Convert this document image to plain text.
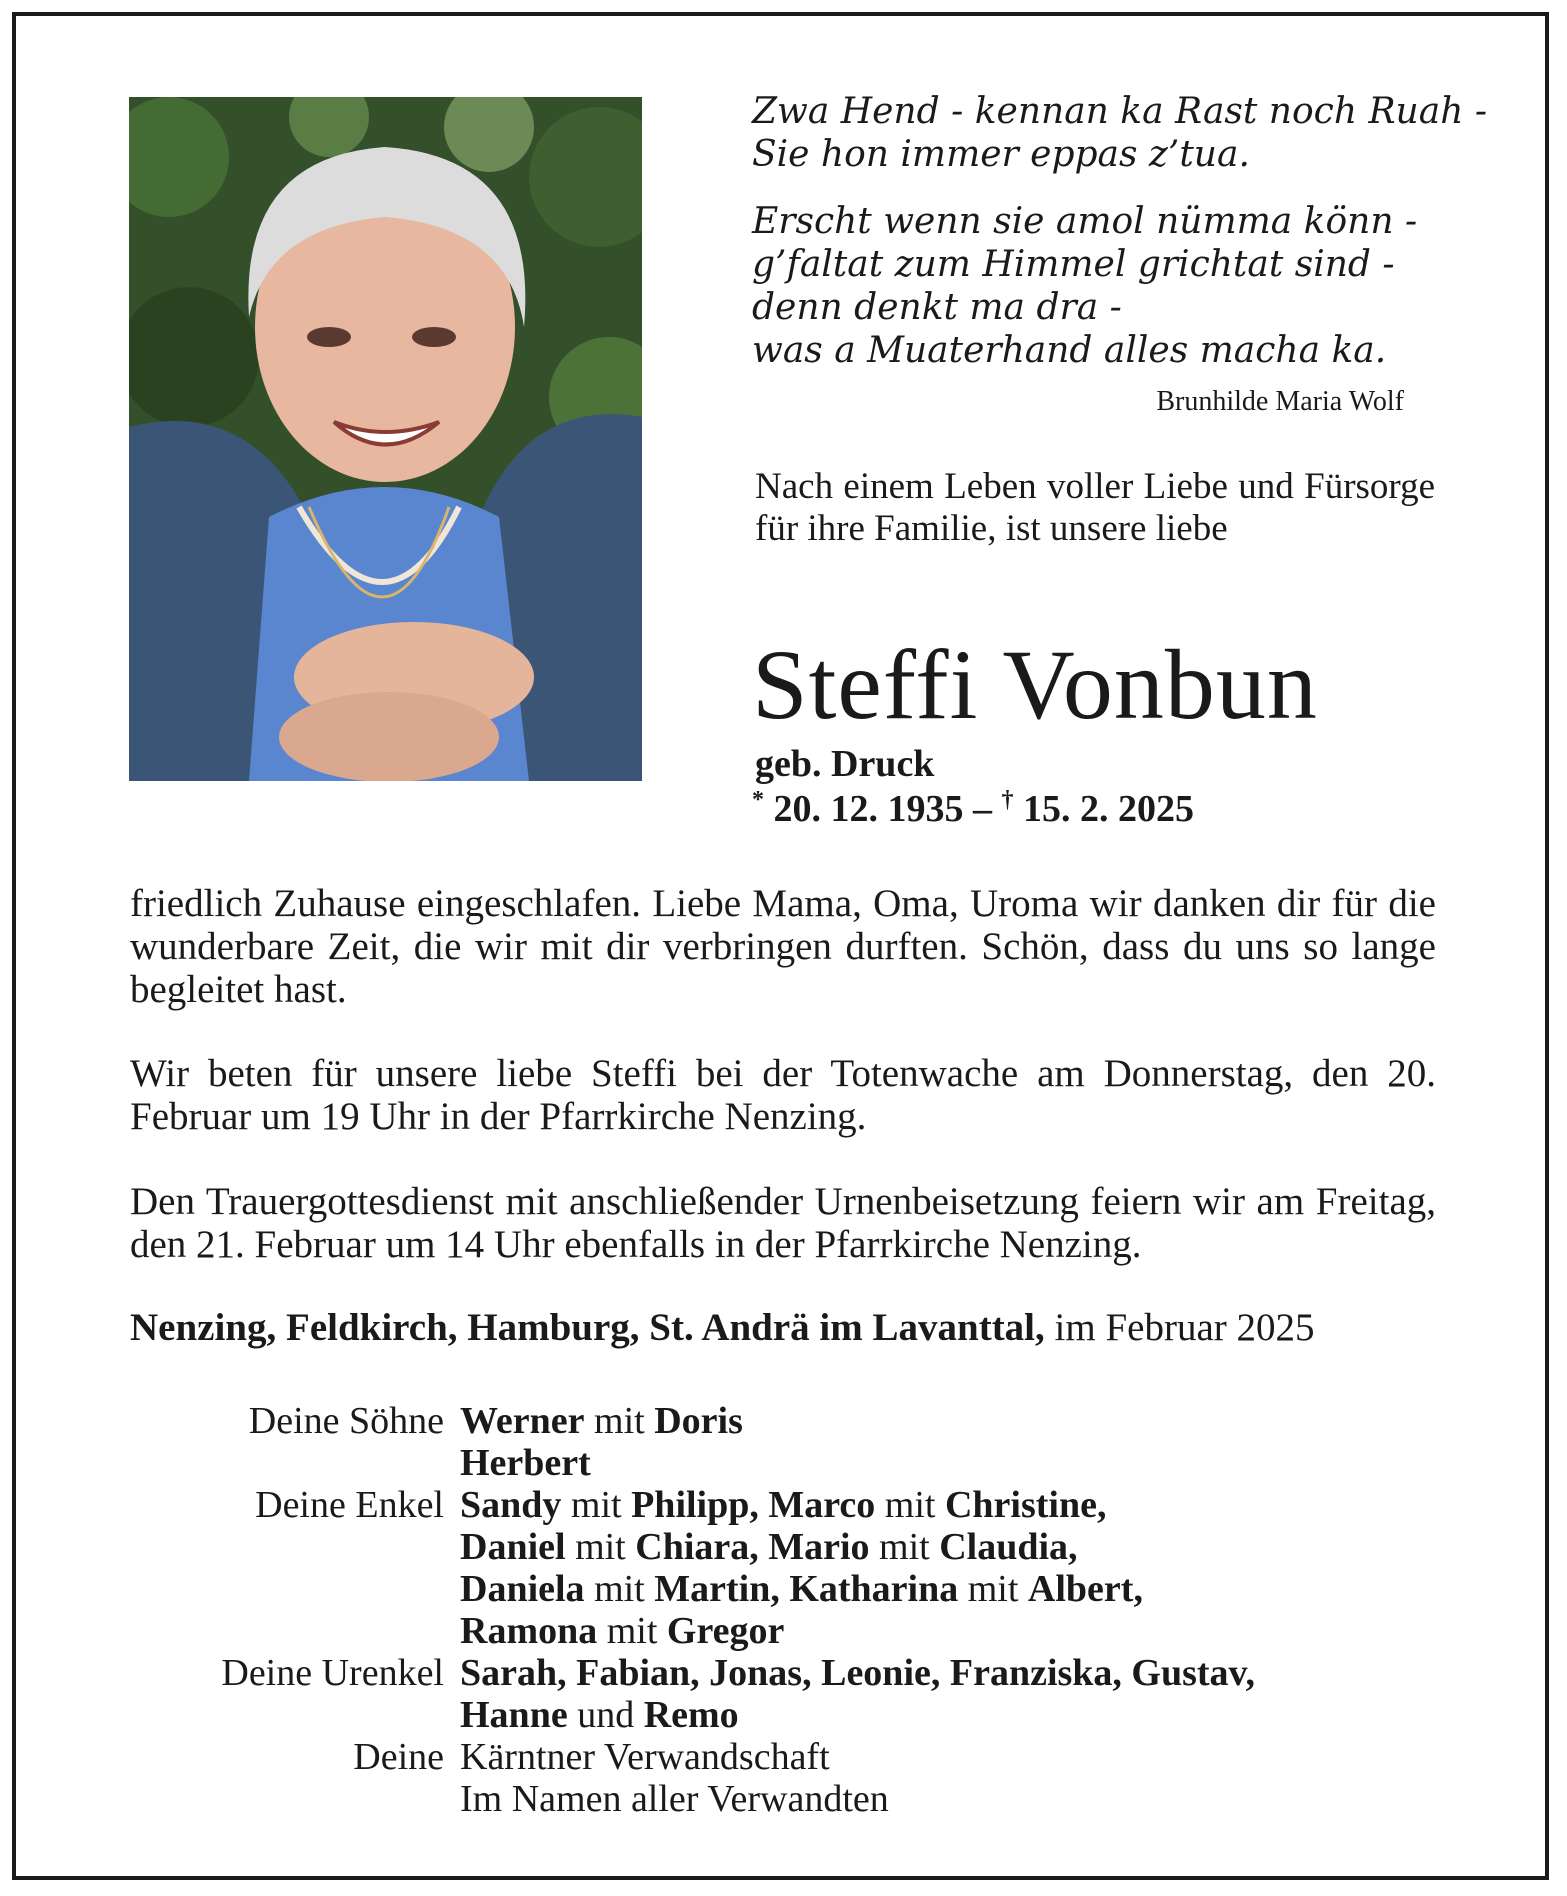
Zwa Hend - kennan ka Rast noch Ruah -
Sie hon immer eppas z’tua.
Erscht wenn sie amol nümma könn -
g’faltat zum Himmel grichtat sind -
denn denkt ma dra -
was a Muaterhand alles macha ka.
Brunhilde Maria Wolf
Nach einem Leben voller Liebe und Fürsorge für ihre Familie, ist unsere liebe
Steffi Vonbun
geb. Druck
* 20. 12. 1935 – † 15. 2. 2025

friedlich Zuhause eingeschlafen. Liebe Mama, Oma, Uroma wir danken dir für die wunderbare Zeit, die wir mit dir verbringen durften. Schön, dass du uns so lange begleitet hast.

Wir beten für unsere liebe Steffi bei der Totenwache am Donnerstag, den 20. Februar um 19 Uhr in der Pfarrkirche Nenzing.

Den Trauergottesdienst mit anschließender Urnenbeisetzung feiern wir am Freitag, den 21. Februar um 14 Uhr ebenfalls in der Pfarrkirche Nenzing.

Nenzing, Feldkirch, Hamburg, St. Andrä im Lavanttal, im Februar 2025
Deine Söhne Werner mit Doris
Herbert
Deine Enkel Sandy mit Philipp, Marco mit Christine,
Daniel mit Chiara, Mario mit Claudia,
Daniela mit Martin, Katharina mit Albert,
Ramona mit Gregor
Deine Urenkel Sarah, Fabian, Jonas, Leonie, Franziska, Gustav,
Hanne und Remo
Deine Kärntner Verwandschaft
Im Namen aller Verwandten
